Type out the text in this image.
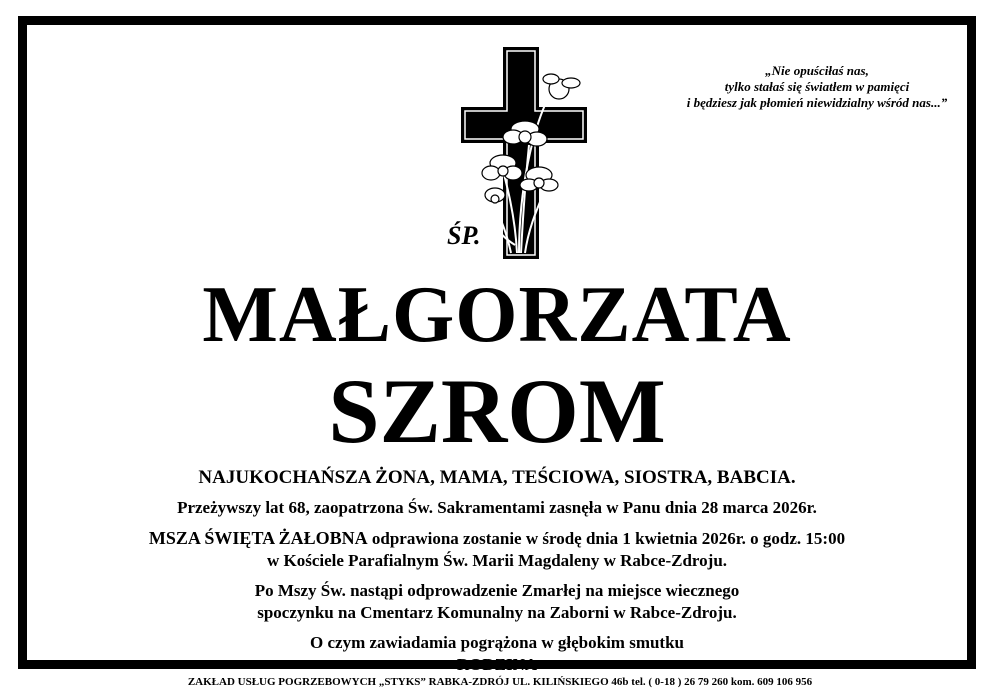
ŚP.
„Nie opuściłaś nas,
tylko stałaś się światłem w pamięci
i będziesz jak płomień niewidzialny wśród nas...”
MAŁGORZATA
SZROM
NAJUKOCHAŃSZA ŻONA, MAMA, TEŚCIOWA, SIOSTRA, BABCIA.
Przeżywszy lat 68, zaopatrzona Św. Sakramentami zasnęła w Panu dnia 28 marca 2026r.
MSZA ŚWIĘTA ŻAŁOBNA odprawiona zostanie w środę dnia 1 kwietnia 2026r. o godz. 15:00
w Kościele Parafialnym Św. Marii Magdaleny w Rabce-Zdroju.
Po Mszy Św. nastąpi odprowadzenie Zmarłej na miejsce wiecznego
spoczynku na Cmentarz Komunalny na Zaborni w Rabce-Zdroju.
O czym zawiadamia pogrążona w głębokim smutku
RODZINA
ZAKŁAD USŁUG POGRZEBOWYCH „STYKS” RABKA-ZDRÓJ UL. KILIŃSKIEGO 46b tel. ( 0-18 ) 26 79 260 kom. 609 106 956
